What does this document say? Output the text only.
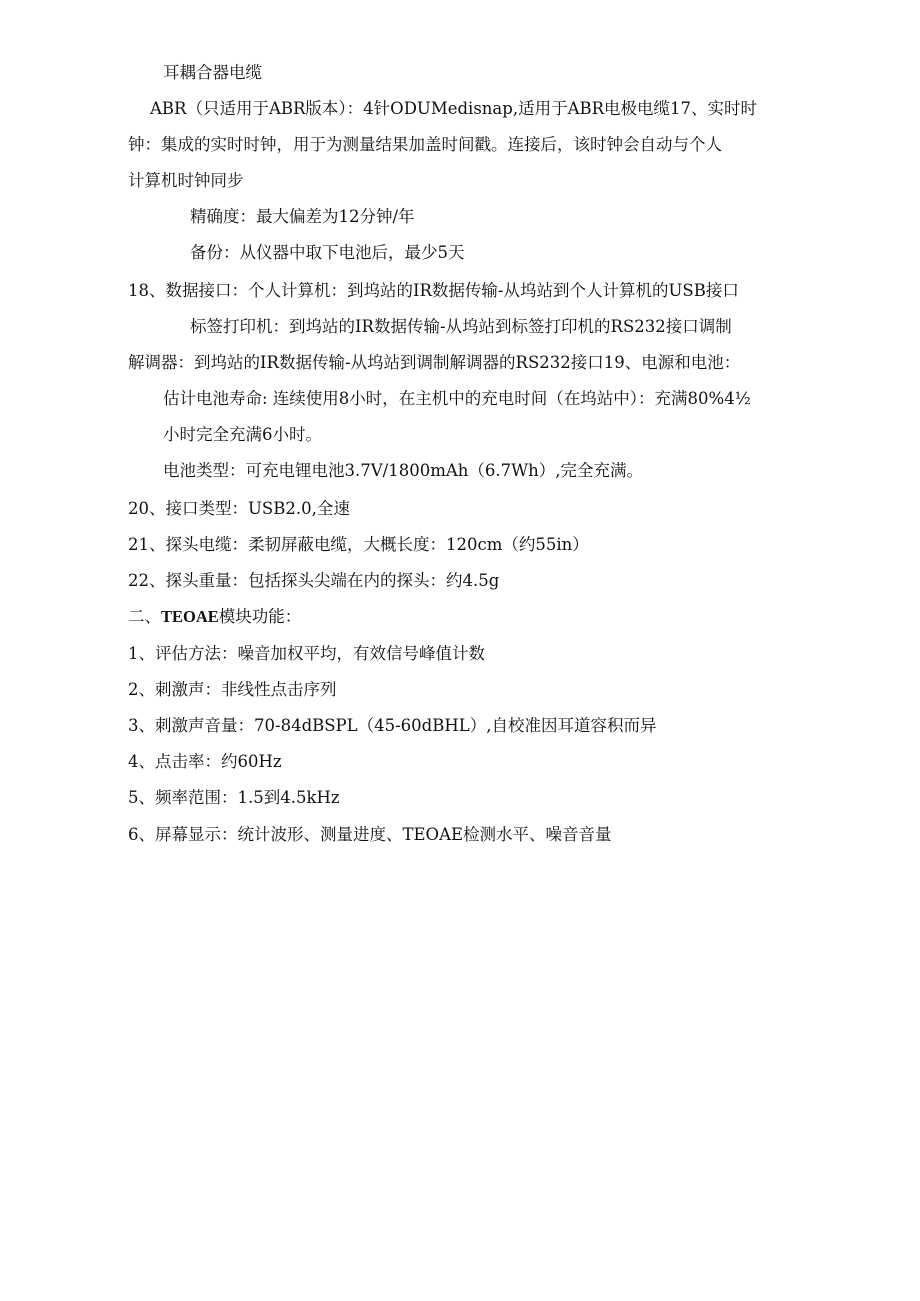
耳耦合器电缆
ABR（只适用于ABR版本）：4针ODUMedisnap,适用于ABR电极电缆17、实时时
钟：集成的实时时钟，用于为测量结果加盖时间戳。连接后，该时钟会自动与个人
计算机时钟同步
精确度：最大偏差为12分钟/年
备份：从仪器中取下电池后，最少5天
18、数据接口：个人计算机：到坞站的IR数据传输-从坞站到个人计算机的USB接口
标签打印机：到坞站的IR数据传输-从坞站到标签打印机的RS232接口调制
解调器：到坞站的IR数据传输-从坞站到调制解调器的RS232接口19、电源和电池：
估计电池寿命: 连续使用8小时，在主机中的充电时间（在坞站中）：充满80%4½
小时完全充满6小时。
电池类型：可充电锂电池3.7V/1800mAh（6.7Wh）,完全充满。
20、接口类型：USB2.0,全速
21、探头电缆：柔韧屏蔽电缆，大概长度：120cm（约55in）
22、探头重量：包括探头尖端在内的探头：约4.5g
二、TEOAE模块功能：
1、评估方法：噪音加权平均，有效信号峰值计数
2、刺激声：非线性点击序列
3、刺激声音量：70-84dBSPL（45-60dBHL）,自校准因耳道容积而异
4、点击率：约60Hz
5、频率范围：1.5到4.5kHz
6、屏幕显示：统计波形、测量进度、TEOAE检测水平、噪音音量
